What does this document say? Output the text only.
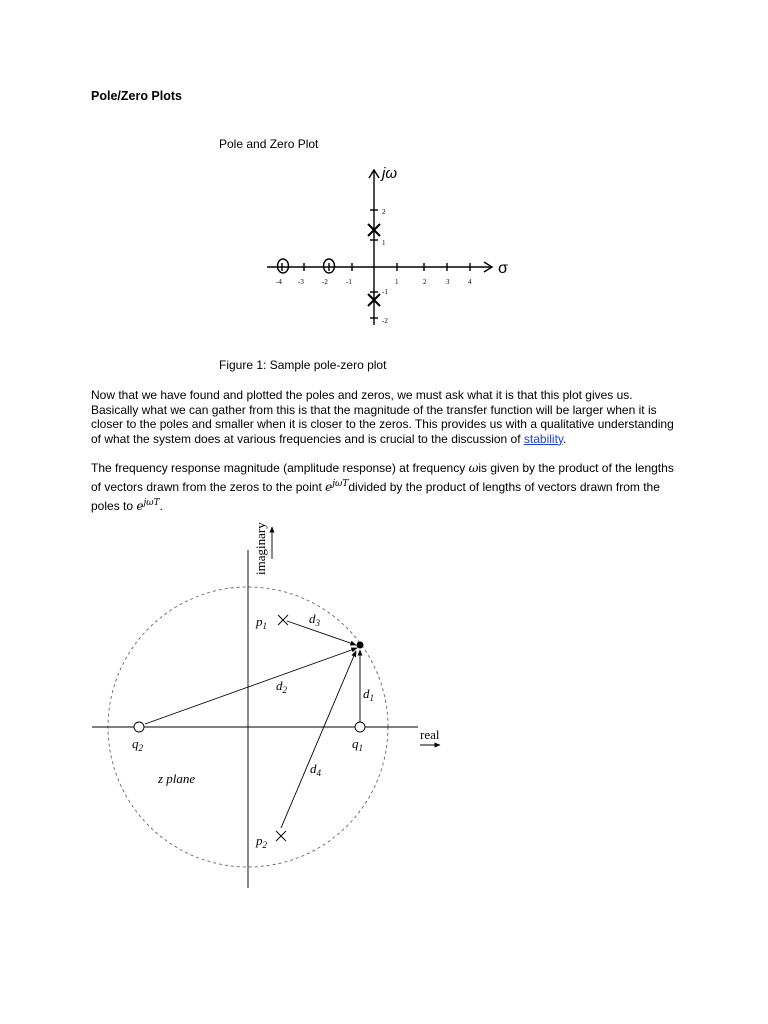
Pole/Zero Plots
Pole and Zero Plot
jω
σ
-4 -3	-2	-1	1	2	3	4
2
1
-1
-2
Figure 1: Sample pole-zero plot
Now that we have found and plotted the poles and zeros, we must ask what it is that this plot gives us. Basically what we can gather from this is that the magnitude of the transfer function will be larger when it is closer to the poles and smaller when it is closer to the zeros. This provides us with a qualitative understanding of what the system does at various frequencies and is crucial to the discussion of stability.
The frequency response magnitude (amplitude response) at frequency ωis given by the product of the lengths of vectors drawn from the zeros to the point $e^{j\omega T}divided$ by the product of lengths of vectors drawn from the poles to $e^{j\omega T}$.
imaginary
real
z plane
$p_1$
$p_2$
$q_1$
$q_2$
$d_1$
$d_2$
$d_3$
$d_4$
